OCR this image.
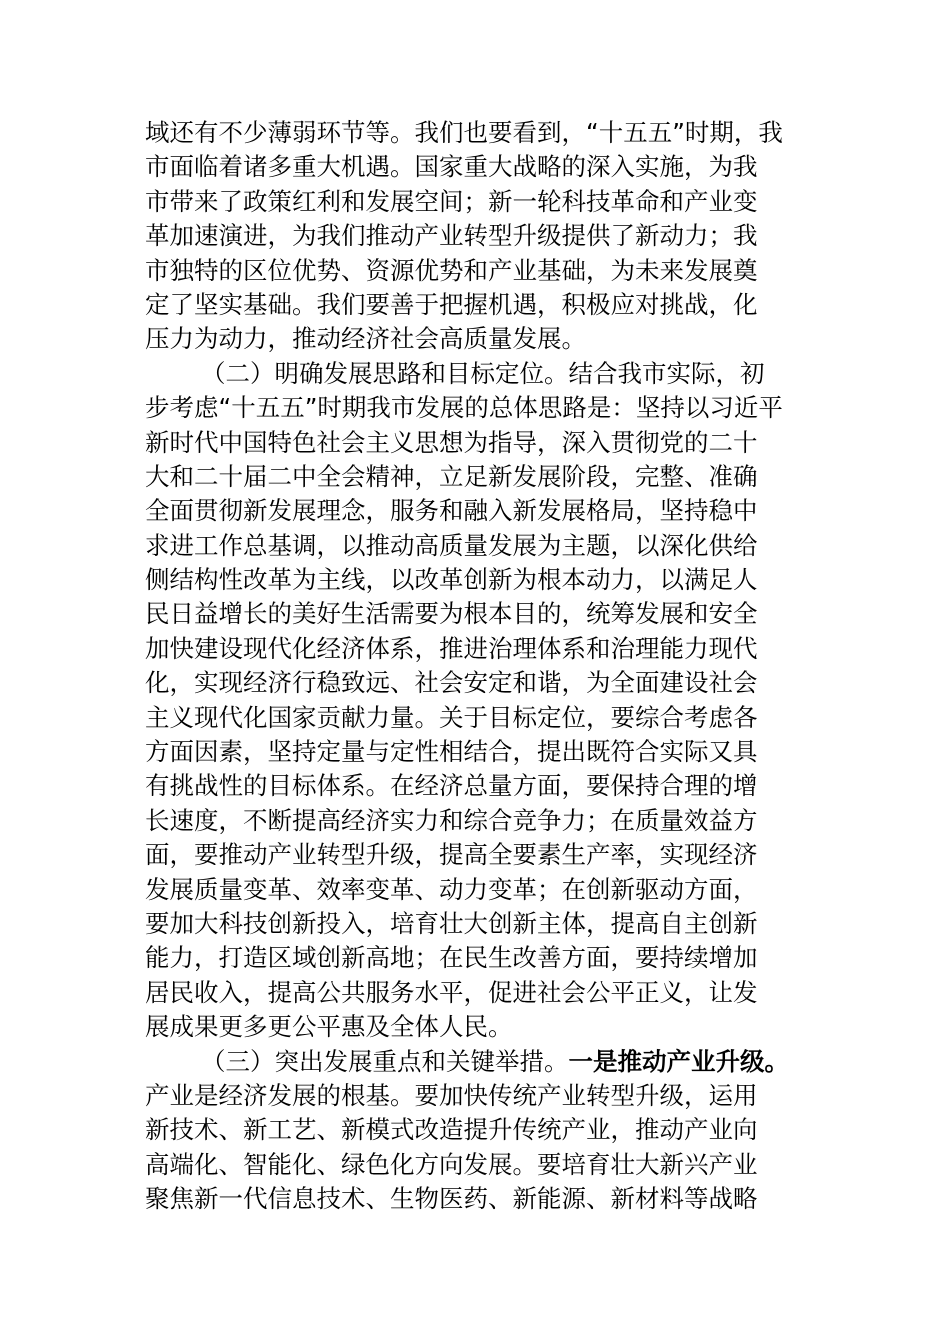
域还有不少薄弱环节等。我们也要看到，“十五五”时期，我
市面临着诸多重大机遇。国家重大战略的深入实施，为我
市带来了政策红利和发展空间；新一轮科技革命和产业变
革加速演进，为我们推动产业转型升级提供了新动力；我
市独特的区位优势、资源优势和产业基础，为未来发展奠
定了坚实基础。我们要善于把握机遇，积极应对挑战，化
压力为动力，推动经济社会高质量发展。
（二）明确发展思路和目标定位。结合我市实际，初
步考虑“十五五”时期我市发展的总体思路是：坚持以习近平
新时代中国特色社会主义思想为指导，深入贯彻党的二十
大和二十届二中全会精神，立足新发展阶段，完整、准确
全面贯彻新发展理念，服务和融入新发展格局，坚持稳中
求进工作总基调，以推动高质量发展为主题，以深化供给
侧结构性改革为主线，以改革创新为根本动力，以满足人
民日益增长的美好生活需要为根本目的，统筹发展和安全
加快建设现代化经济体系，推进治理体系和治理能力现代
化，实现经济行稳致远、社会安定和谐，为全面建设社会
主义现代化国家贡献力量。关于目标定位，要综合考虑各
方面因素，坚持定量与定性相结合，提出既符合实际又具
有挑战性的目标体系。在经济总量方面，要保持合理的增
长速度，不断提高经济实力和综合竞争力；在质量效益方
面，要推动产业转型升级，提高全要素生产率，实现经济
发展质量变革、效率变革、动力变革；在创新驱动方面，
要加大科技创新投入，培育壮大创新主体，提高自主创新
能力，打造区域创新高地；在民生改善方面，要持续增加
居民收入，提高公共服务水平，促进社会公平正义，让发
展成果更多更公平惠及全体人民。
（三）突出发展重点和关键举措。一是推动产业升级。
产业是经济发展的根基。要加快传统产业转型升级，运用
新技术、新工艺、新模式改造提升传统产业，推动产业向
高端化、智能化、绿色化方向发展。要培育壮大新兴产业
聚焦新一代信息技术、生物医药、新能源、新材料等战略
